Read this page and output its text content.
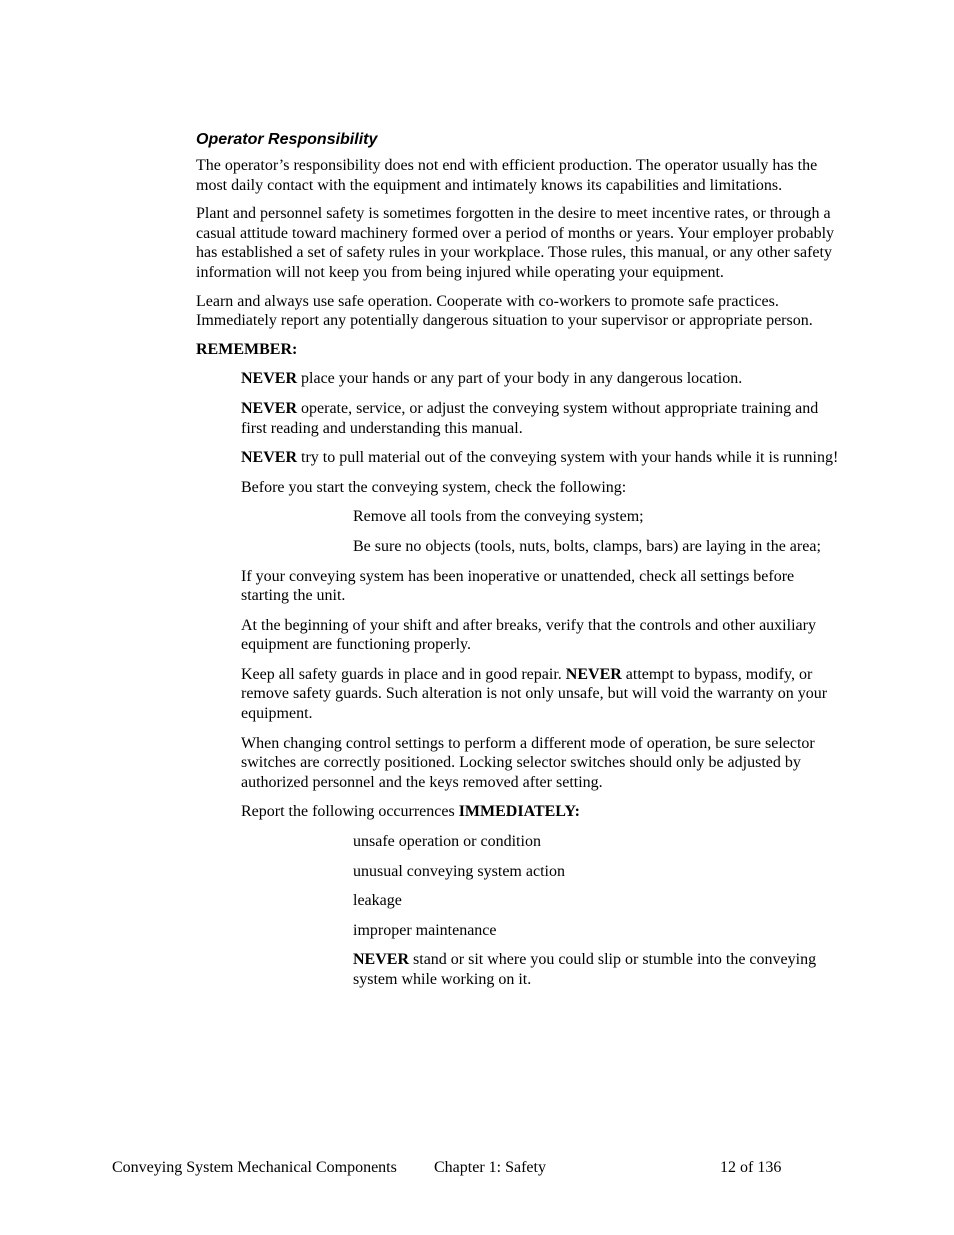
Operator Responsibility

The operator’s responsibility does not end with efficient production. The operator usually has the most daily contact with the equipment and intimately knows its capabilities and limitations.

Plant and personnel safety is sometimes forgotten in the desire to meet incentive rates, or through a casual attitude toward machinery formed over a period of months or years. Your employer probably has established a set of safety rules in your workplace. Those rules, this manual, or any other safety information will not keep you from being injured while operating your equipment.

Learn and always use safe operation. Cooperate with co-workers to promote safe practices. Immediately report any potentially dangerous situation to your supervisor or appropriate person.

REMEMBER:

NEVER place your hands or any part of your body in any dangerous location.

NEVER operate, service, or adjust the conveying system without appropriate training and first reading and understanding this manual.

NEVER try to pull material out of the conveying system with your hands while it is running!

Before you start the conveying system, check the following:

Remove all tools from the conveying system;

Be sure no objects (tools, nuts, bolts, clamps, bars) are laying in the area;

If your conveying system has been inoperative or unattended, check all settings before starting the unit.

At the beginning of your shift and after breaks, verify that the controls and other auxiliary equipment are functioning properly.

Keep all safety guards in place and in good repair. NEVER attempt to bypass, modify, or remove safety guards. Such alteration is not only unsafe, but will void the warranty on your equipment.

When changing control settings to perform a different mode of operation, be sure selector switches are correctly positioned. Locking selector switches should only be adjusted by authorized personnel and the keys removed after setting.

Report the following occurrences IMMEDIATELY:

unsafe operation or condition

unusual conveying system action

leakage

improper maintenance

NEVER stand or sit where you could slip or stumble into the conveying system while working on it.

Conveying System Mechanical Components Chapter 1: Safety	12 of 136
